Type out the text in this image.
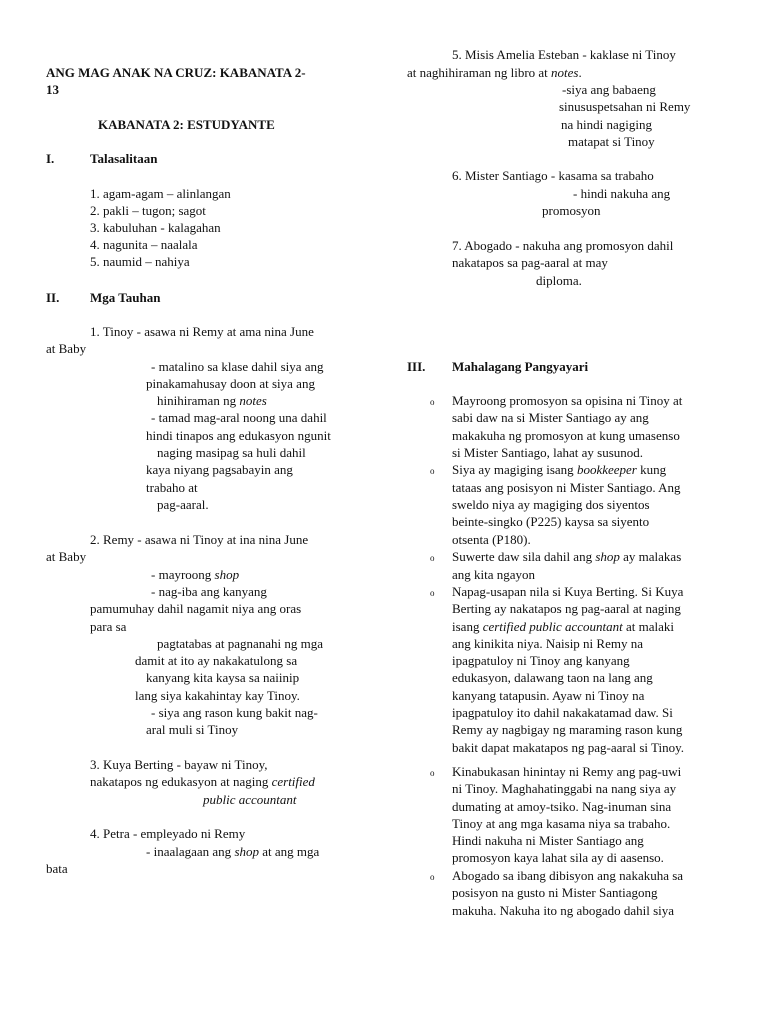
ANG MAG ANAK NA CRUZ: KABANATA 2-
13
KABANATA 2: ESTUDYANTE
I.	Talasalitaan
1. agam-agam – alinlangan
2. pakli – tugon; sagot
3. kabuluhan - kalagahan
4. nagunita – naalala
5. naumid – nahiya
II. Mga Tauhan
1. Tinoy - asawa ni Remy at ama nina June
at Baby
- matalino sa klase dahil siya ang
pinakamahusay doon at siya ang
hinihiraman ng notes
- tamad mag-aral noong una dahil
hindi tinapos ang edukasyon ngunit
naging masipag sa huli dahil
kaya niyang pagsabayin ang
trabaho at
pag-aaral.
2. Remy - asawa ni Tinoy at ina nina June
at Baby
- mayroong shop
- nag-iba ang kanyang
pamumuhay dahil nagamit niya ang oras
para sa
pagtatabas at pagnanahi ng mga
damit at ito ay nakakatulong sa
kanyang kita kaysa sa naiinip
lang siya kakahintay kay Tinoy.
- siya ang rason kung bakit nag-
aral muli si Tinoy
3. Kuya Berting - bayaw ni Tinoy,
nakatapos ng edukasyon at naging certified
public accountant
4. Petra - empleyado ni Remy
- inaalagaan ang shop at ang mga
bata
5. Misis Amelia Esteban - kaklase ni Tinoy
at naghihiraman ng libro at notes.
-siya ang babaeng
sinususpetsahan ni Remy
na hindi nagiging
matapat si Tinoy
6. Mister Santiago - kasama sa trabaho
- hindi nakuha ang
promosyon
7. Abogado - nakuha ang promosyon dahil
nakatapos sa pag-aaral at may
diploma.
III. Mahalagang Pangyayari
o Mayroong promosyon sa opisina ni Tinoy at
sabi daw na si Mister Santiago ay ang
makakuha ng promosyon at kung umasenso
si Mister Santiago, lahat ay susunod.
o Siya ay magiging isang bookkeeper kung
tataas ang posisyon ni Mister Santiago. Ang
sweldo niya ay magiging dos siyentos
beinte-singko (P225) kaysa sa siyento
otsenta (P180).
o Suwerte daw sila dahil ang shop ay malakas
ang kita ngayon
o Napag-usapan nila si Kuya Berting. Si Kuya
Berting ay nakatapos ng pag-aaral at naging
isang certified public accountant at malaki
ang kinikita niya. Naisip ni Remy na
ipagpatuloy ni Tinoy ang kanyang
edukasyon, dalawang taon na lang ang
kanyang tatapusin. Ayaw ni Tinoy na
ipagpatuloy ito dahil nakakatamad daw. Si
Remy ay nagbigay ng maraming rason kung
bakit dapat makatapos ng pag-aaral si Tinoy.
o Kinabukasan hinintay ni Remy ang pag-uwi
ni Tinoy. Maghahatinggabi na nang siya ay
dumating at amoy-tsiko. Nag-inuman sina
Tinoy at ang mga kasama niya sa trabaho.
Hindi nakuha ni Mister Santiago ang
promosyon kaya lahat sila ay di aasenso.
o Abogado sa ibang dibisyon ang nakakuha sa
posisyon na gusto ni Mister Santiagong
makuha. Nakuha ito ng abogado dahil siya
